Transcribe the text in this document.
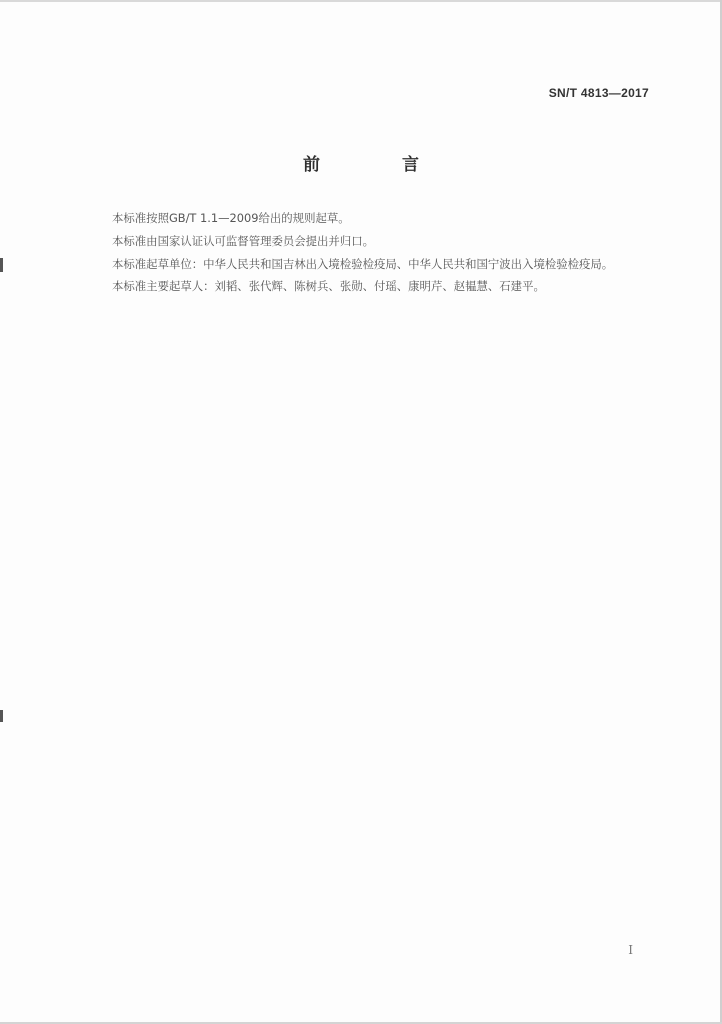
SN/T 4813—2017
前 言

本标准按照GB/T 1.1—2009给出的规则起草。

本标准由国家认证认可监督管理委员会提出并归口。

本标准起草单位：中华人民共和国吉林出入境检验检疫局、中华人民共和国宁波出入境检验检疫局。

本标准主要起草人：刘韬、张代辉、陈树兵、张勋、付瑶、康明芹、赵韫慧、石建平。

I
